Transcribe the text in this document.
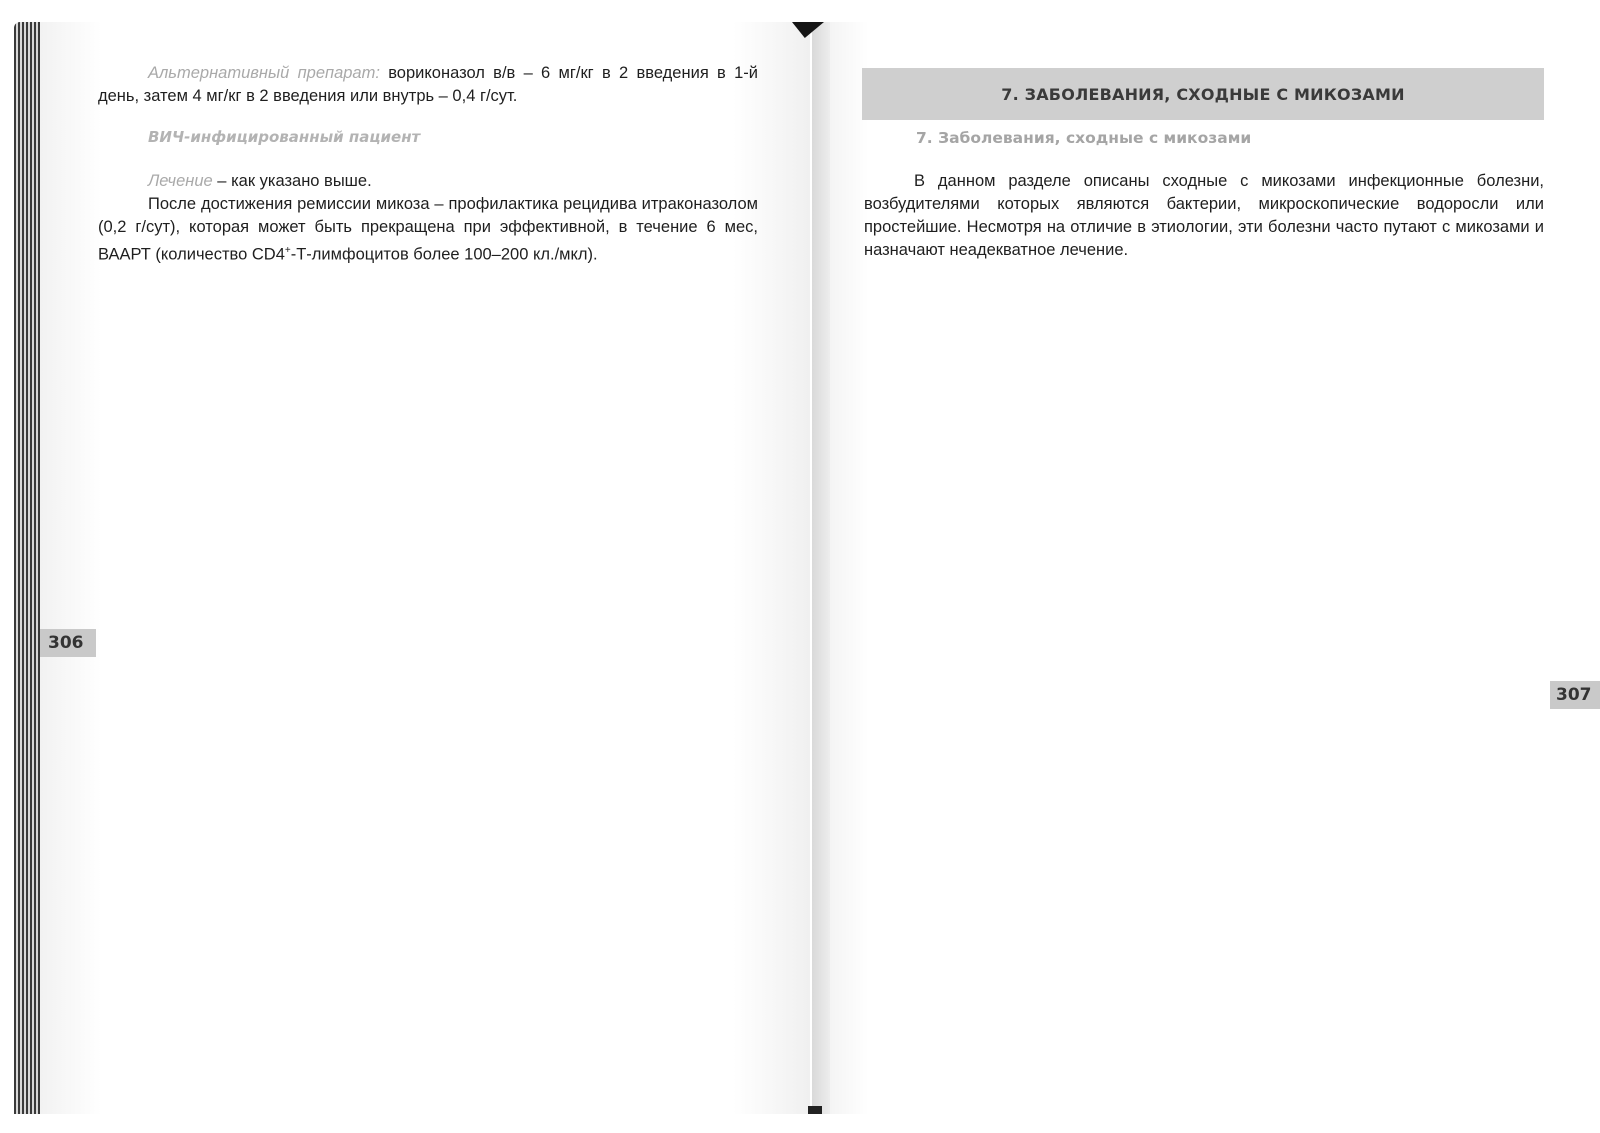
Альтернативный препарат: вориконазол в/в – 6 мг/кг в 2 введения в 1-й день, затем 4 мг/кг в 2 введения или внутрь – 0,4 г/сут.
ВИЧ-инфицированный пациент
Лечение – как указано выше.
После достижения ремиссии микоза – профилактика рецидива итраконазолом (0,2 г/сут), которая может быть прекращена при эффективной, в течение 6 мес, ВААРТ (количество CD4+-Т-лимфоцитов более 100–200 кл./мкл).
306
7. ЗАБОЛЕВАНИЯ, СХОДНЫЕ С МИКОЗАМИ
7. Заболевания, сходные с микозами
В данном разделе описаны сходные с микозами инфекционные болезни, возбудителями которых являются бактерии, микроскопические водоросли или простейшие. Несмотря на отличие в этиологии, эти болезни часто путают с микозами и назначают неадекватное лечение.
307
